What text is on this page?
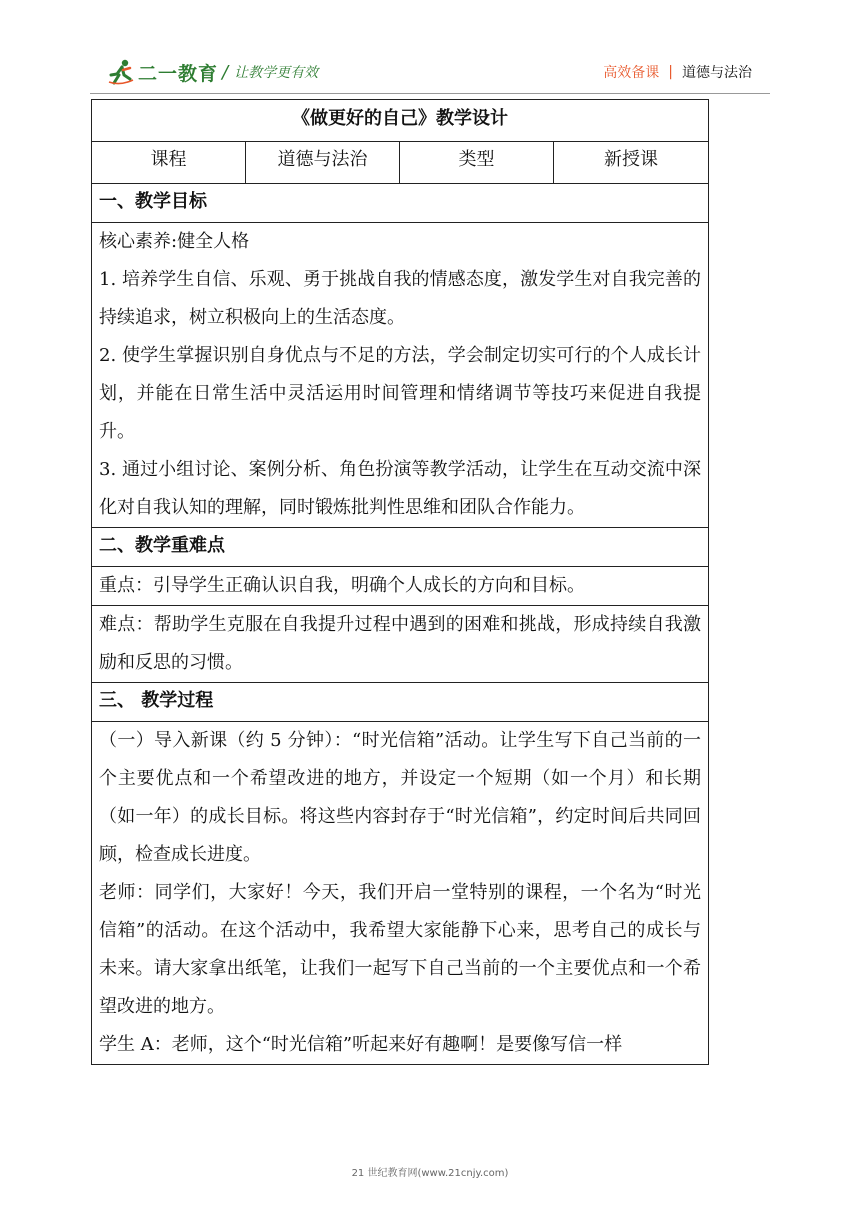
二一教育 / 让教学更有效	高效备课 | 道德与法治
《做更好的自己》教学设计
课程	道德与法治	类型	新授课
一、教学目标

核心素养:健全人格
1. 培养学生自信、乐观、勇于挑战自我的情感态度，激发学生对自我完善的持续追求，树立积极向上的生活态度。
2. 使学生掌握识别自身优点与不足的方法，学会制定切实可行的个人成长计划，并能在日常生活中灵活运用时间管理和情绪调节等技巧来促进自我提升。
3. 通过小组讨论、案例分析、角色扮演等教学活动，让学生在互动交流中深化对自我认知的理解，同时锻炼批判性思维和团队合作能力。

二、教学重难点
重点：引导学生正确认识自我，明确个人成长的方向和目标。
难点：帮助学生克服在自我提升过程中遇到的困难和挑战，形成持续自我激励和反思的习惯。
三、 教学过程

（一）导入新课（约 5 分钟）：“时光信箱”活动。让学生写下自己当前的一个主要优点和一个希望改进的地方，并设定一个短期（如一个月）和长期（如一年）的成长目标。将这些内容封存于“时光信箱”，约定时间后共同回顾，检查成长进度。
老师：同学们，大家好！今天，我们开启一堂特别的课程，一个名为“时光信箱”的活动。在这个活动中，我希望大家能静下心来，思考自己的成长与未来。请大家拿出纸笔，让我们一起写下自己当前的一个主要优点和一个希望改进的地方。
学生 A：老师，这个“时光信箱”听起来好有趣啊！是要像写信一样
21 世纪教育网(www.21cnjy.com)
